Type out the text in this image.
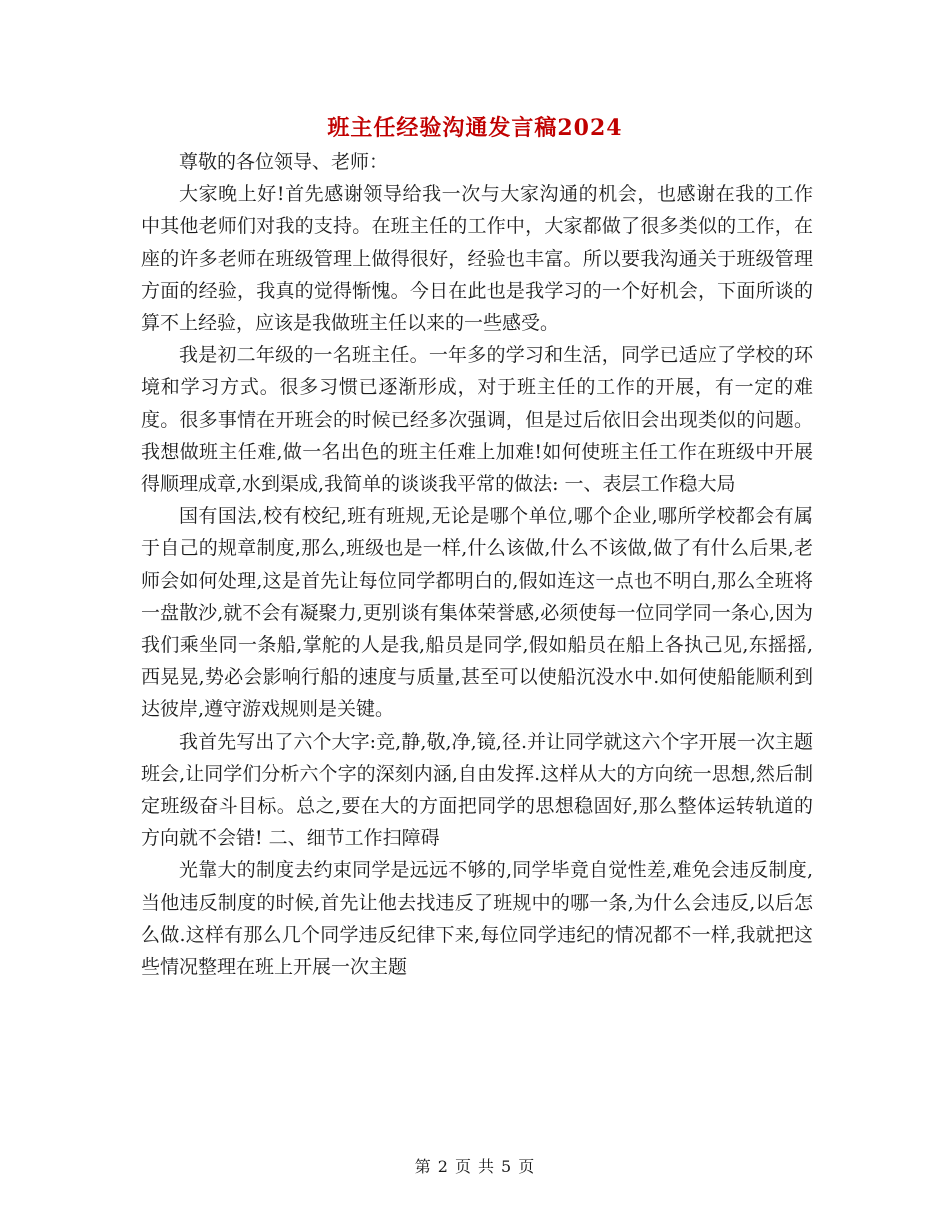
班主任经验沟通发言稿2024

尊敬的各位领导、老师：

大家晚上好!首先感谢领导给我一次与大家沟通的机会，也感谢在我的工作中其他老师们对我的支持。在班主任的工作中，大家都做了很多类似的工作，在座的许多老师在班级管理上做得很好，经验也丰富。所以要我沟通关于班级管理方面的经验，我真的觉得惭愧。今日在此也是我学习的一个好机会，下面所谈的算不上经验，应该是我做班主任以来的一些感受。

我是初二年级的一名班主任。一年多的学习和生活，同学已适应了学校的环境和学习方式。很多习惯已逐渐形成，对于班主任的工作的开展，有一定的难度。很多事情在开班会的时候已经多次强调，但是过后依旧会出现类似的问题。 我想做班主任难,做一名出色的班主任难上加难!如何使班主任工作在班级中开展得顺理成章,水到渠成,我简单的谈谈我平常的做法: 一、表层工作稳大局

国有国法,校有校纪,班有班规,无论是哪个单位,哪个企业,哪所学校都会有属于自己的规章制度,那么,班级也是一样,什么该做,什么不该做,做了有什么后果,老师会如何处理,这是首先让每位同学都明白的,假如连这一点也不明白,那么全班将一盘散沙,就不会有凝聚力,更别谈有集体荣誉感,必须使每一位同学同一条心,因为我们乘坐同一条船,掌舵的人是我,船员是同学,假如船员在船上各执己见,东摇摇,西晃晃,势必会影响行船的速度与质量,甚至可以使船沉没水中.如何使船能顺利到达彼岸,遵守游戏规则是关键。

我首先写出了六个大字:竞,静,敬,净,镜,径.并让同学就这六个字开展一次主题班会,让同学们分析六个字的深刻内涵,自由发挥.这样从大的方向统一思想,然后制定班级奋斗目标。总之,要在大的方面把同学的思想稳固好,那么整体运转轨道的方向就不会错! 二、细节工作扫障碍

光靠大的制度去约束同学是远远不够的,同学毕竟自觉性差,难免会违反制度,当他违反制度的时候,首先让他去找违反了班规中的哪一条,为什么会违反,以后怎么做.这样有那么几个同学违反纪律下来,每位同学违纪的情况都不一样,我就把这些情况整理在班上开展一次主题

第 2 页 共 5 页
